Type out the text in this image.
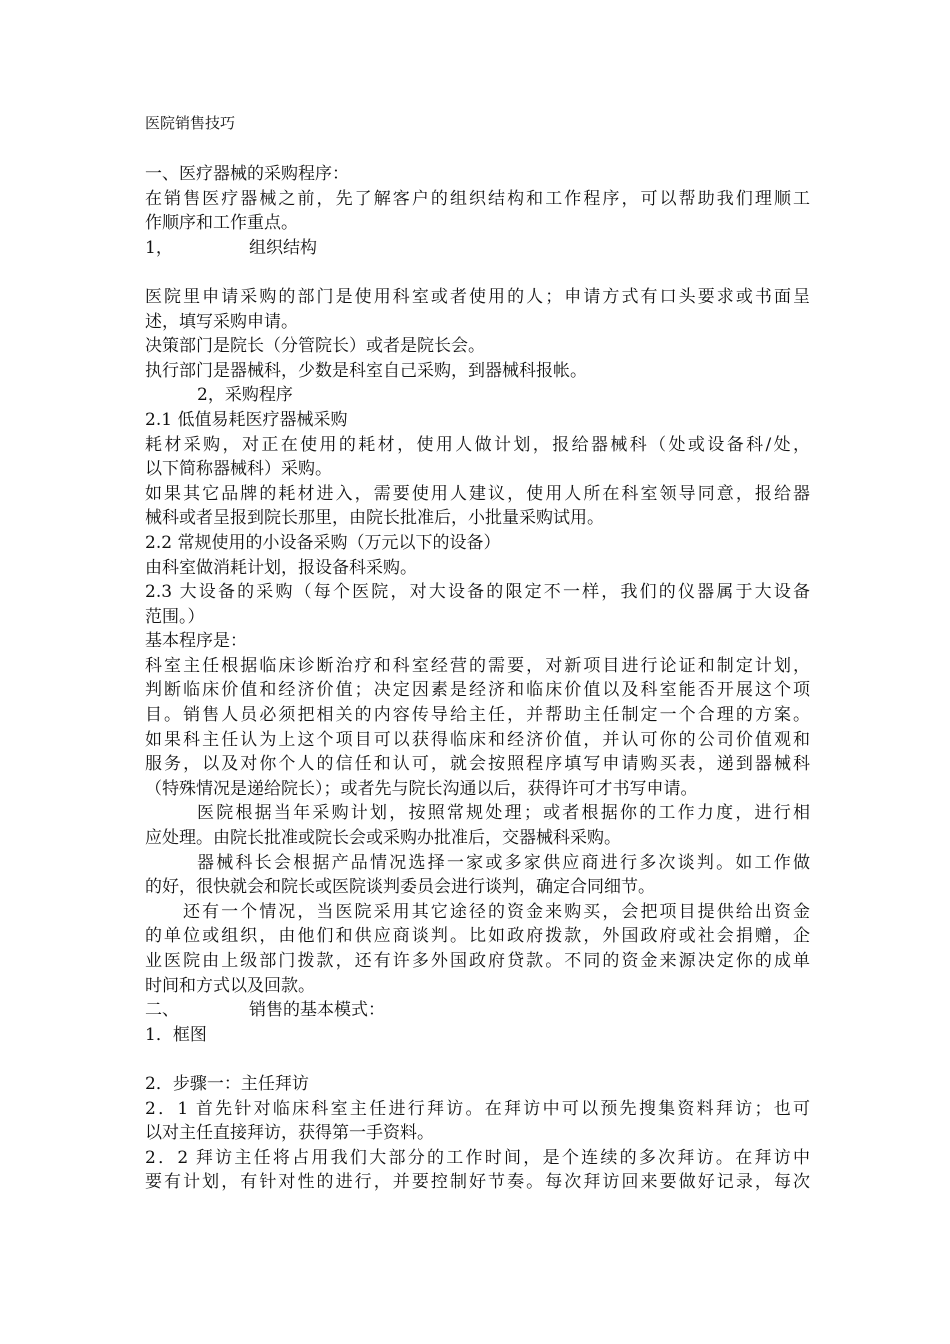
医院销售技巧
一、医疗器械的采购程序：
在销售医疗器械之前，先了解客户的组织结构和工作程序，可以帮助我们理顺工
作顺序和工作重点。
1，	组织结构
医院里申请采购的部门是使用科室或者使用的人；申请方式有口头要求或书面呈
述，填写采购申请。
决策部门是院长（分管院长）或者是院长会。
执行部门是器械科，少数是科室自己采购，到器械科报帐。
2，采购程序
2.1 低值易耗医疗器械采购
耗材采购，对正在使用的耗材，使用人做计划，报给器械科（处或设备科/处，
以下简称器械科）采购。
如果其它品牌的耗材进入，需要使用人建议，使用人所在科室领导同意，报给器
械科或者呈报到院长那里，由院长批准后，小批量采购试用。
2.2 常规使用的小设备采购（万元以下的设备）
由科室做消耗计划，报设备科采购。
2.3 大设备的采购（每个医院，对大设备的限定不一样，我们的仪器属于大设备
范围。）
基本程序是：
科室主任根据临床诊断治疗和科室经营的需要，对新项目进行论证和制定计划，
判断临床价值和经济价值；决定因素是经济和临床价值以及科室能否开展这个项
目。销售人员必须把相关的内容传导给主任，并帮助主任制定一个合理的方案。
如果科主任认为上这个项目可以获得临床和经济价值，并认可你的公司价值观和
服务，以及对你个人的信任和认可，就会按照程序填写申请购买表，递到器械科
（特殊情况是递给院长）；或者先与院长沟通以后，获得许可才书写申请。
医院根据当年采购计划，按照常规处理；或者根据你的工作力度，进行相
应处理。由院长批准或院长会或采购办批准后，交器械科采购。
器械科长会根据产品情况选择一家或多家供应商进行多次谈判。如工作做
的好，很快就会和院长或医院谈判委员会进行谈判，确定合同细节。
还有一个情况，当医院采用其它途径的资金来购买，会把项目提供给出资金
的单位或组织，由他们和供应商谈判。比如政府拨款，外国政府或社会捐赠，企
业医院由上级部门拨款，还有许多外国政府贷款。不同的资金来源决定你的成单
时间和方式以及回款。
二、	销售的基本模式：
1．框图
2．步骤一：主任拜访
2．1 首先针对临床科室主任进行拜访。在拜访中可以预先搜集资料拜访；也可
以对主任直接拜访，获得第一手资料。
2．2 拜访主任将占用我们大部分的工作时间，是个连续的多次拜访。在拜访中
要有计划，有针对性的进行，并要控制好节奏。每次拜访回来要做好记录，每次
